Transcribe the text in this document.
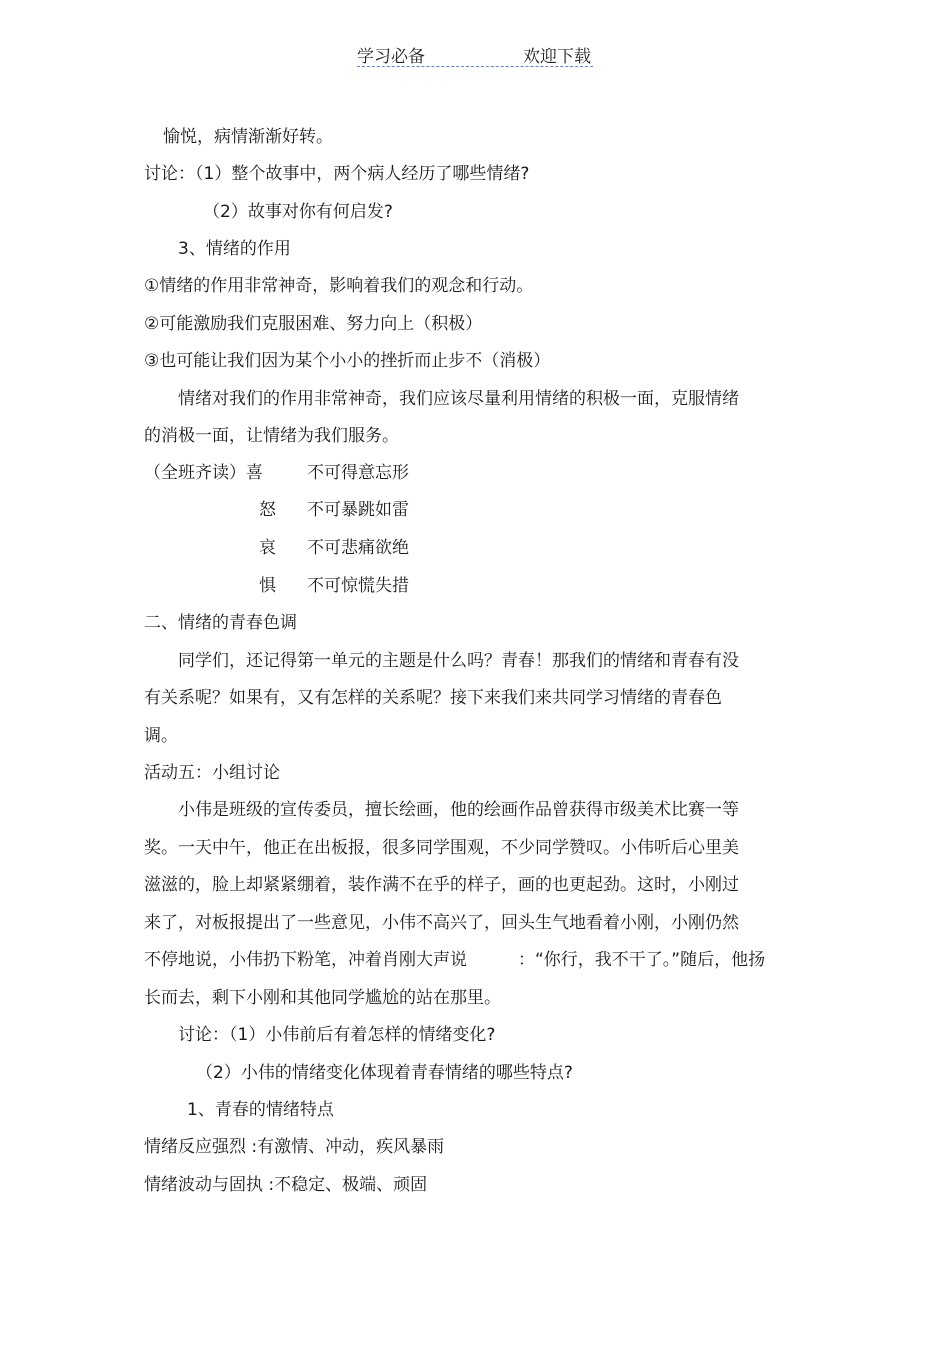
学习必备	欢迎下载
愉悦，病情渐渐好转。
讨论：（1）整个故事中，两个病人经历了哪些情绪?
（2）故事对你有何启发?
3、情绪的作用
①情绪的作用非常神奇，影响着我们的观念和行动。
②可能激励我们克服困难、努力向上（积极）
③也可能让我们因为某个小小的挫折而止步不（消极）
情绪对我们的作用非常神奇，我们应该尽量利用情绪的积极一面，克服情绪
的消极一面，让情绪为我们服务。
（全班齐读）喜	不可得意忘形
怒 不可暴跳如雷
哀 不可悲痛欲绝
惧 不可惊慌失措
二、情绪的青春色调
同学们，还记得第一单元的主题是什么吗？青春！那我们的情绪和青春有没
有关系呢？如果有，又有怎样的关系呢？接下来我们来共同学习情绪的青春色
调。
活动五：小组讨论
小伟是班级的宣传委员，擅长绘画，他的绘画作品曾获得市级美术比赛一等
奖。一天中午，他正在出板报，很多同学围观，不少同学赞叹。小伟听后心里美
滋滋的，脸上却紧紧绷着，装作满不在乎的样子，画的也更起劲。这时，小刚过
来了，对板报提出了一些意见，小伟不高兴了，回头生气地看着小刚，小刚仍然
不停地说，小伟扔下粉笔，冲着肖刚大声说	：“你行，我不干了。”随后，他扬
长而去，剩下小刚和其他同学尴尬的站在那里。
讨论：（1）小伟前后有着怎样的情绪变化?
（2）小伟的情绪变化体现着青春情绪的哪些特点?
1、青春的情绪特点
情绪反应强烈 :有激情、冲动，疾风暴雨
情绪波动与固执 :不稳定、极端、顽固
